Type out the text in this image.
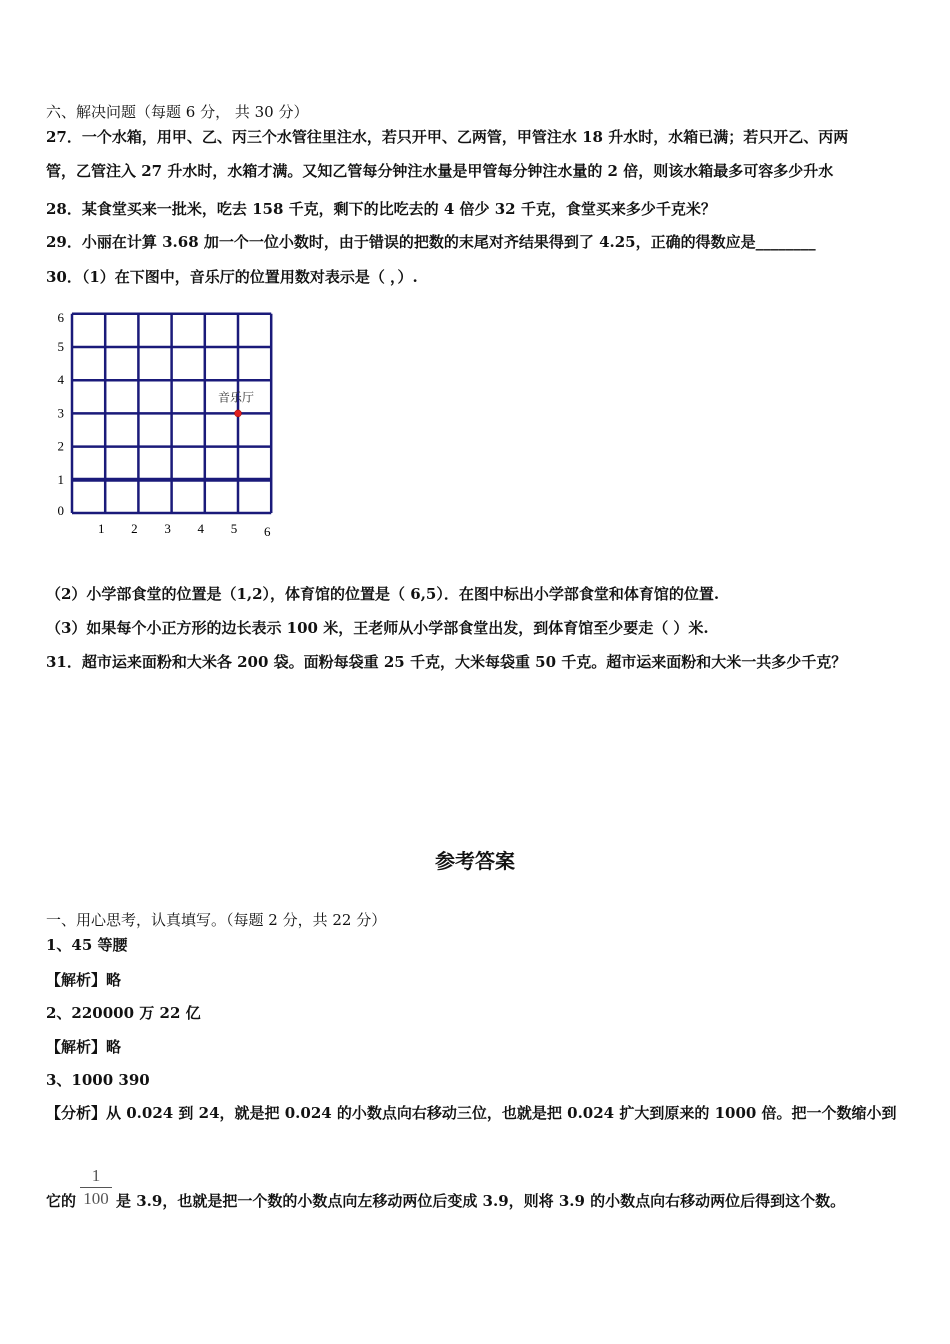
六、解决问题（每题 6 分， 共 30 分）
27．一个水箱，用甲、乙、丙三个水管往里注水，若只开甲、乙两管，甲管注水 18 升水时，水箱已满；若只开乙、丙两
管，乙管注入 27 升水时，水箱才满。又知乙管每分钟注水量是甲管每分钟注水量的 2 倍，则该水箱最多可容多少升水
28．某食堂买来一批米，吃去 158 千克，剩下的比吃去的 4 倍少 32 千克，食堂买来多少千克米？
29．小丽在计算 3.68 加一个一位小数时，由于错误的把数的末尾对齐结果得到了 4.25，正确的得数应是________
30．（1）在下图中，音乐厅的位置用数对表示是（ ，）.
1 2 3 4 5 6
0
1
2
3
4
5
6
音乐厅
（2）小学部食堂的位置是（1,2），体育馆的位置是（ 6,5）．在图中标出小学部食堂和体育馆的位置.
（3）如果每个小正方形的边长表示 100 米，王老师从小学部食堂出发，到体育馆至少要走（ ）米.
31．超市运来面粉和大米各 200 袋。面粉每袋重 25 千克，大米每袋重 50 千克。超市运来面粉和大米一共多少千克？
参考答案
一、用心思考，认真填写。（每题 2 分，共 22 分）
1、45 等腰
【解析】略
2、220000 万 22 亿
【解析】略
3、1000 390
【分析】从 0.024 到 24，就是把 0.024 的小数点向右移动三位，也就是把 0.024 扩大到原来的 1000 倍。把一个数缩小到
它的
1
100 是 3.9，也就是把一个数的小数点向左移动两位后变成 3.9，则将 3.9 的小数点向右移动两位后得到这个数。
